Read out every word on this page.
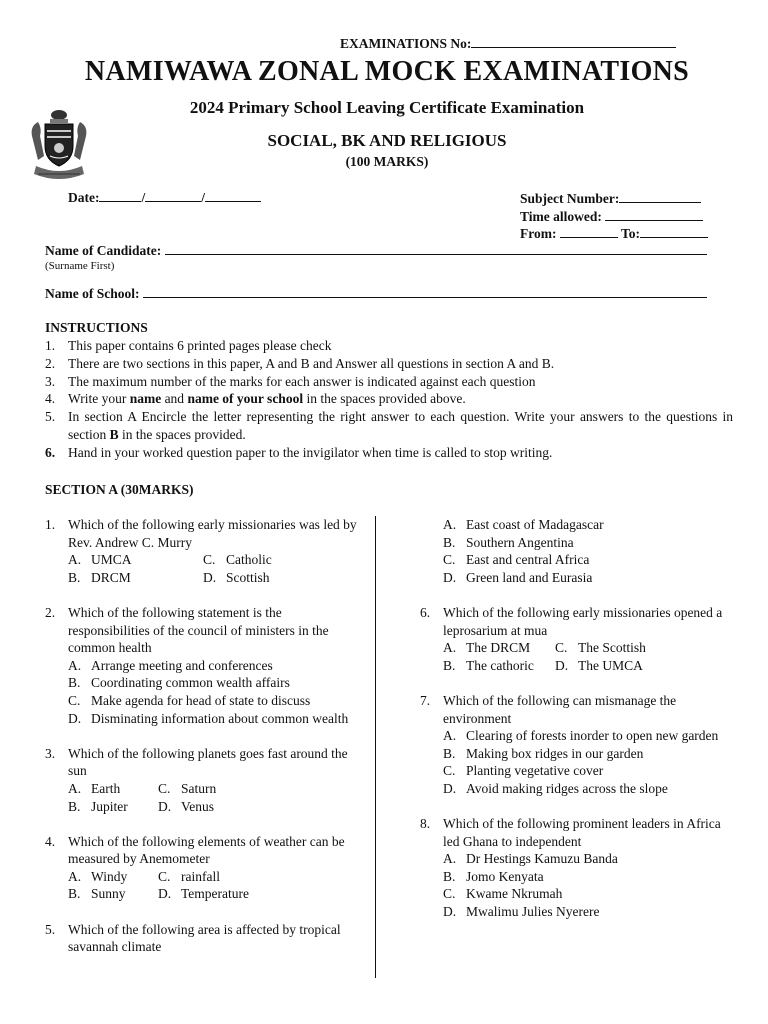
EXAMINATIONS No:
NAMIWAWA ZONAL MOCK EXAMINATIONS
2024 Primary School Leaving Certificate Examination
SOCIAL, BK AND RELIGIOUS
(100 MARKS)
Date:	/	/	Subject Number:
Time allowed:
From:	To:
Name of Candidate:
(Surname First)
Name of School:
INSTRUCTIONS
1. This paper contains 6 printed pages please check
2. There are two sections in this paper, A and B and Answer all questions in section A and B.
3. The maximum number of the marks for each answer is indicated against each question
4. Write your name and name of your school in the spaces provided above.
5. In section A Encircle the letter representing the right answer to each question. Write your answers to the questions in section B in the spaces provided.
6. Hand in your worked question paper to the invigilator when time is called to stop writing.
SECTION A (30MARKS)
1. Which of the following early missionaries was led by Rev. Andrew C. Murry
A. UMCA	C. Catholic
B. DRCM	D. Scottish
2. Which of the following statement is the responsibilities of the council of ministers in the common health
A. Arrange meeting and conferences
B. Coordinating common wealth affairs
C. Make agenda for head of state to discuss
D. Disminating information about common wealth
3. Which of the following planets goes fast around the sun
A. Earth	C. Saturn
B. Jupiter	D. Venus
4. Which of the following elements of weather can be measured by Anemometer
A. Windy	C. rainfall
B. Sunny	D. Temperature
5. Which of the following area is affected by tropical savannah climate
A. East coast of Madagascar
B. Southern Angentina
C. East and central Africa
D. Green land and Eurasia
6. Which of the following early missionaries opened a leprosarium at mua
A. The DRCM	C. The Scottish
B. The cathoric	D. The UMCA
7. Which of the following can mismanage the environment
A. Clearing of forests inorder to open new garden
B. Making box ridges in our garden
C. Planting vegetative cover
D. Avoid making ridges across the slope
8. Which of the following prominent leaders in Africa led Ghana to independent
A. Dr Hestings Kamuzu Banda
B. Jomo Kenyata
C. Kwame Nkrumah
D. Mwalimu Julies Nyerere
